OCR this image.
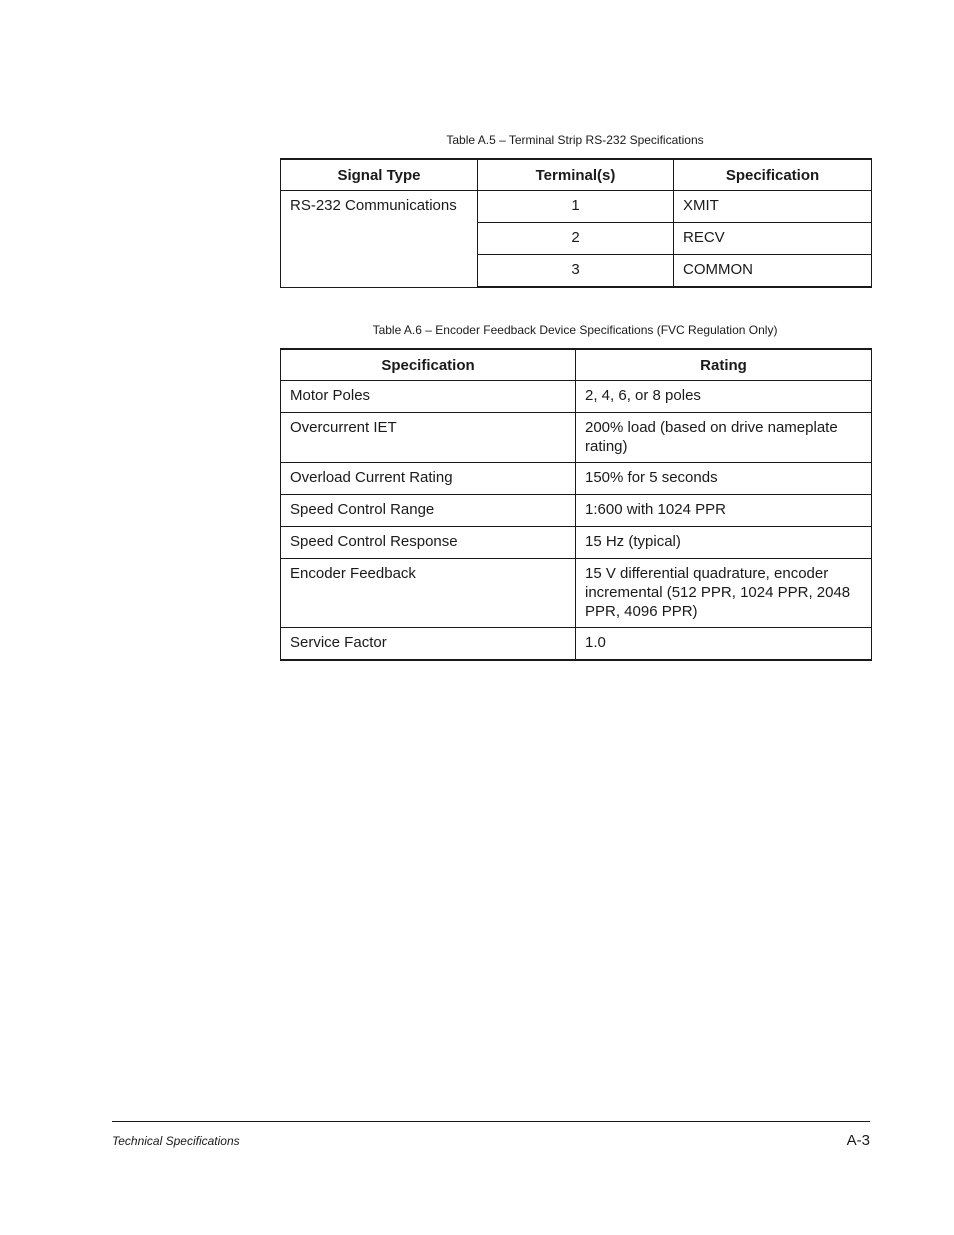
Table A.5 – Terminal Strip RS-232 Specifications
Signal Type	Terminal(s)	Specification
RS-232 Communications	1	XMIT
	2	RECV
	3	COMMON
Table A.6 – Encoder Feedback Device Specifications (FVC Regulation Only)
Specification	Rating
Motor Poles	2, 4, 6, or 8 poles
Overcurrent IET	200% load (based on drive nameplate rating)
Overload Current Rating	150% for 5 seconds
Speed Control Range	1:600 with 1024 PPR
Speed Control Response	15 Hz (typical)
Encoder Feedback	15 V differential quadrature, encoder incremental (512 PPR, 1024 PPR, 2048 PPR, 4096 PPR)
Service Factor	1.0
Technical Specifications	A-3
